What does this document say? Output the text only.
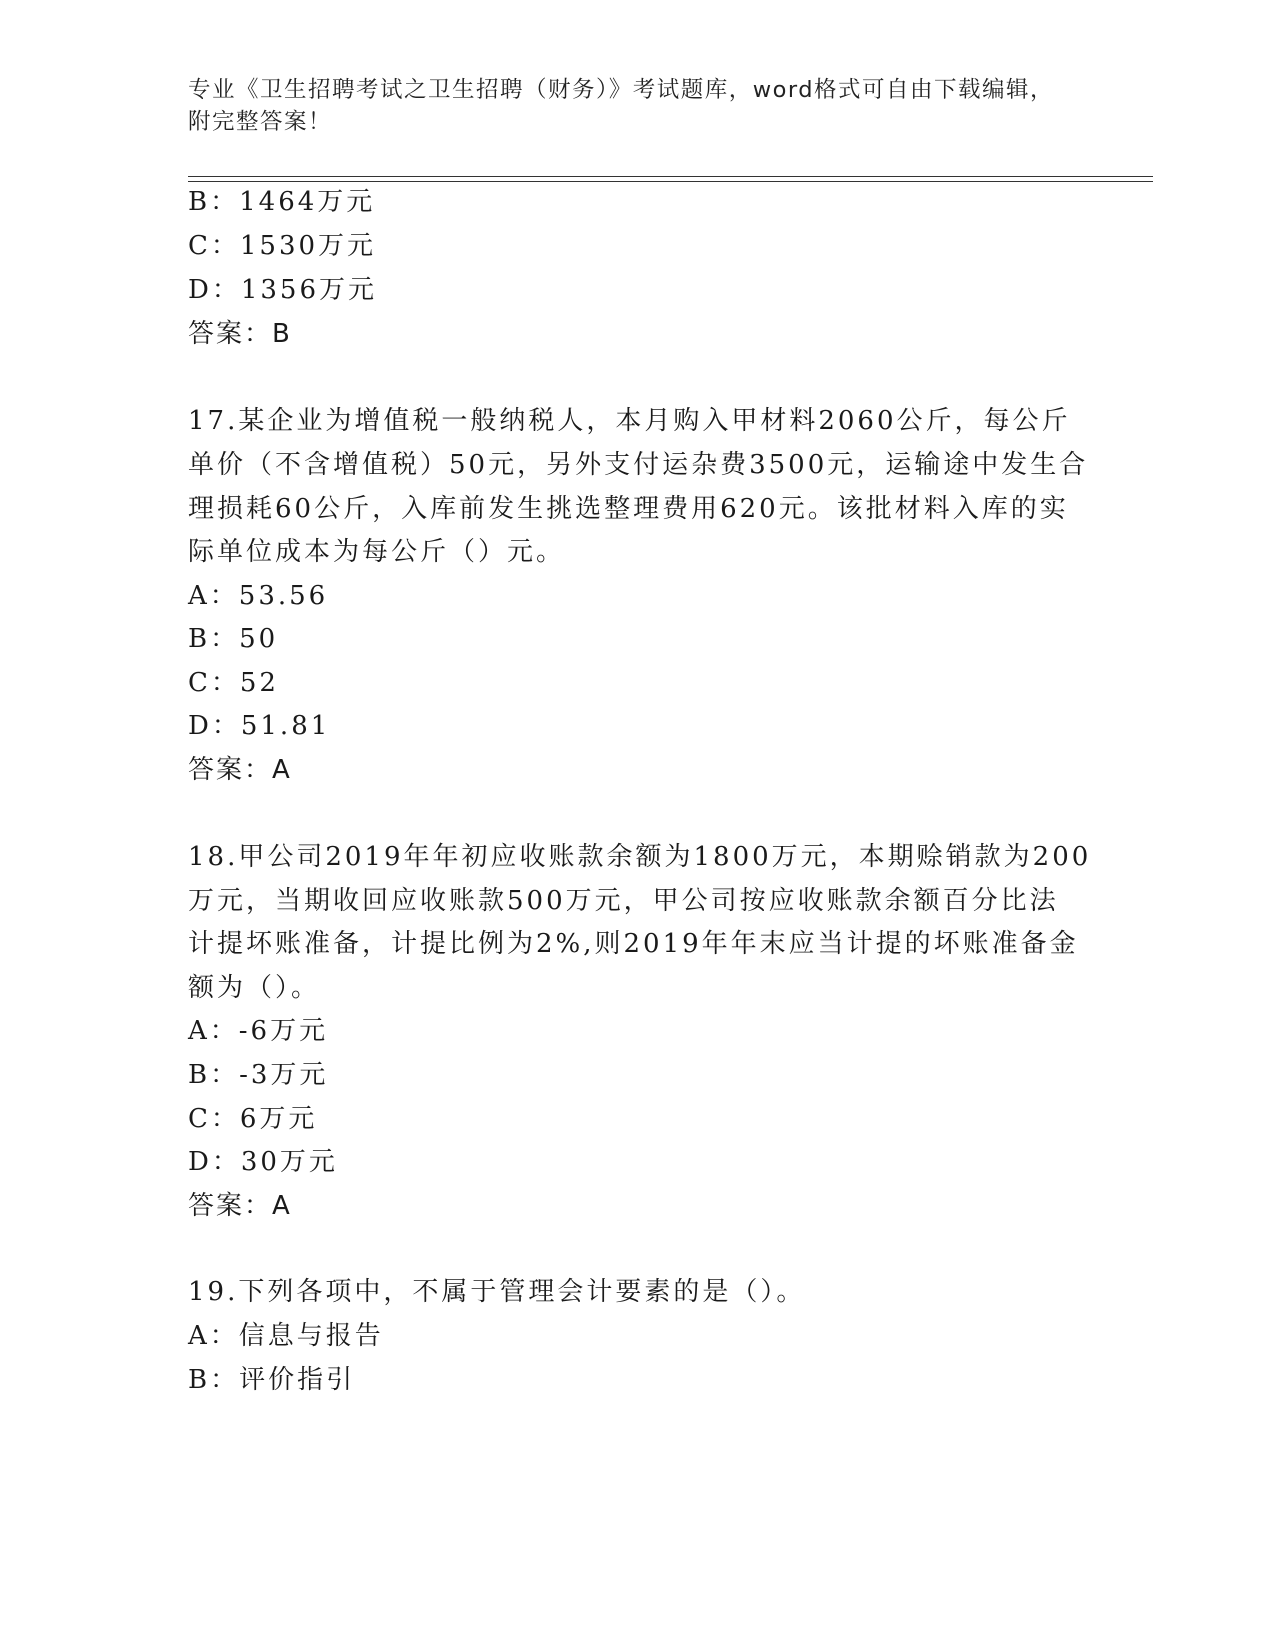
专业《卫生招聘考试之卫生招聘（财务）》考试题库，word格式可自由下载编辑，附完整答案！
B：1464万元
C：1530万元
D：1356万元
答案：B
17.某企业为增值税一般纳税人，本月购入甲材料2060公斤，每公斤
单价（不含增值税）50元，另外支付运杂费3500元，运输途中发生合
理损耗60公斤，入库前发生挑选整理费用620元。该批材料入库的实
际单位成本为每公斤（）元。
A：53.56
B：50
C：52
D：51.81
答案：A
18.甲公司2019年年初应收账款余额为1800万元，本期赊销款为200
万元，当期收回应收账款500万元，甲公司按应收账款余额百分比法
计提坏账准备，计提比例为2%,则2019年年末应当计提的坏账准备金
额为（）。
A：-6万元
B：-3万元
C：6万元
D：30万元
答案：A
19.下列各项中，不属于管理会计要素的是（）。
A：信息与报告
B：评价指引
